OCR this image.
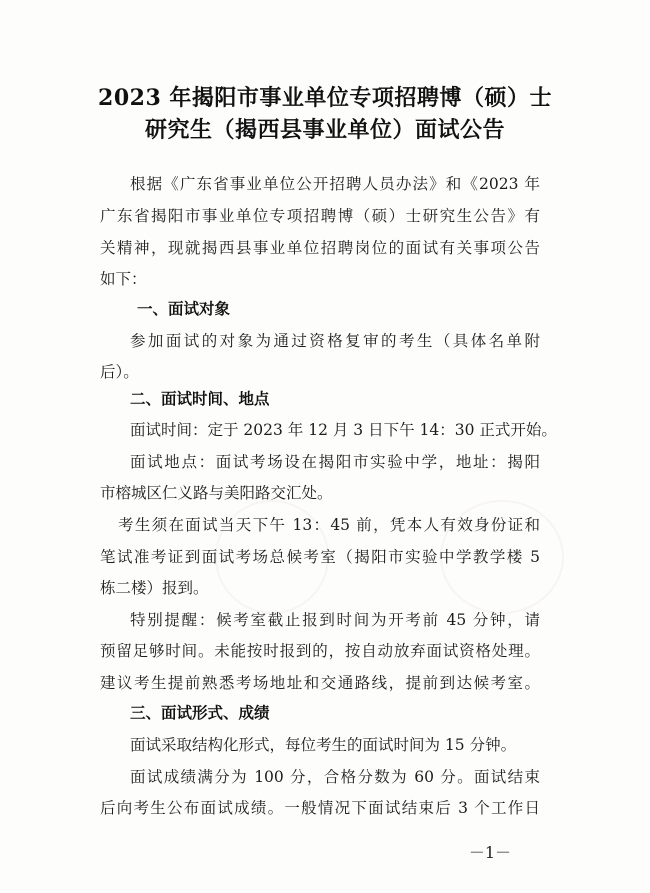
2023 年揭阳市事业单位专项招聘博（硕）士
研究生（揭西县事业单位）面试公告
根据《广东省事业单位公开招聘人员办法》和《2023 年
广东省揭阳市事业单位专项招聘博（硕）士研究生公告》有
关精神，现就揭西县事业单位招聘岗位的面试有关事项公告
如下：
一、面试对象
参加面试的对象为通过资格复审的考生（具体名单附
后）。
二、面试时间、地点
面试时间：定于 2023 年 12 月 3 日下午 14：30 正式开始。
面试地点：面试考场设在揭阳市实验中学，地址：揭阳
市榕城区仁义路与美阳路交汇处。
考生须在面试当天下午 13：45 前，凭本人有效身份证和
笔试准考证到面试考场总候考室（揭阳市实验中学教学楼 5
栋二楼）报到。
特别提醒：候考室截止报到时间为开考前 45 分钟，请
预留足够时间。未能按时报到的，按自动放弃面试资格处理。
建议考生提前熟悉考场地址和交通路线，提前到达候考室。
三、面试形式、成绩
面试采取结构化形式，每位考生的面试时间为 15 分钟。
面试成绩满分为 100 分，合格分数为 60 分。面试结束
后向考生公布面试成绩。一般情况下面试结束后 3 个工作日
－1－
